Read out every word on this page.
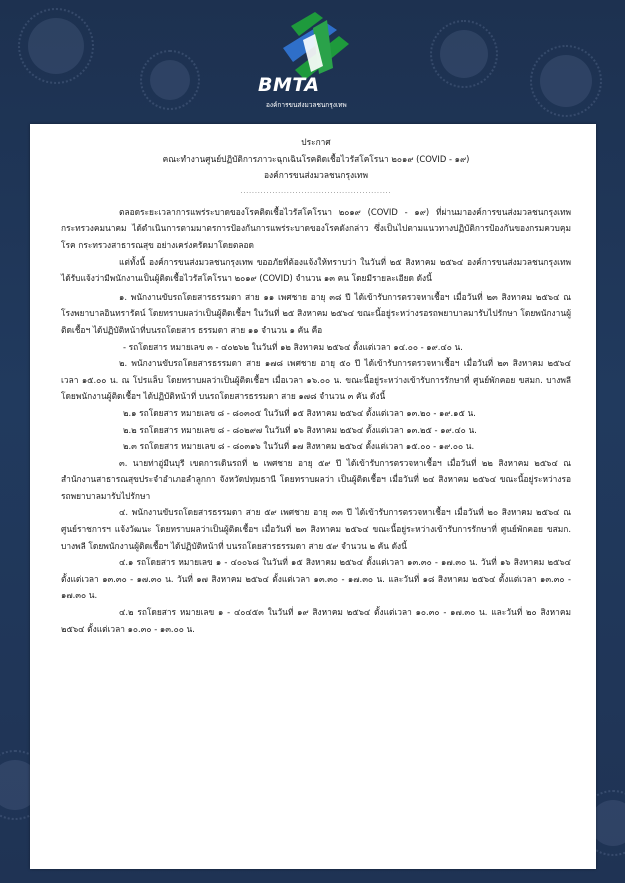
BMTA
องค์การขนส่งมวลชนกรุงเทพ
ประกาศ
คณะทำงานศูนย์ปฏิบัติการภาวะฉุกเฉินโรคติดเชื้อไวรัสโคโรนา ๒๐๑๙ (COVID - ๑๙)
องค์การขนส่งมวลชนกรุงเทพ
....................................................

ตลอดระยะเวลาการแพร่ระบาดของโรคติดเชื้อไวรัสโคโรนา ๒๐๑๙ (COVID - ๑๙) ที่ผ่านมาองค์การขนส่งมวลชนกรุงเทพ กระทรวงคมนาคม ได้ดำเนินการตามมาตรการป้องกันการแพร่ระบาดของโรคดังกล่าว ซึ่งเป็นไปตามแนวทางปฏิบัติการป้องกันของกรมควบคุมโรค กระทรวงสาธารณสุข อย่างเคร่งครัดมาโดยตลอด

แต่ทั้งนี้ องค์การขนส่งมวลชนกรุงเทพ ขออภัยที่ต้องแจ้งให้ทราบว่า ในวันที่ ๒๕ สิงหาคม ๒๕๖๔ องค์การขนส่งมวลชนกรุงเทพ ได้รับแจ้งว่ามีพนักงานเป็นผู้ติดเชื้อไวรัสโคโรนา ๒๐๑๙ (COVID) จำนวน ๑๓ คน โดยมีรายละเอียด ดังนี้

๑. พนักงานขับรถโดยสารธรรมดา สาย ๑๑ เพศชาย อายุ ๓๘ ปี ได้เข้ารับการตรวจหาเชื้อฯ เมื่อวันที่ ๒๓ สิงหาคม ๒๕๖๔ ณ โรงพยาบาลอินทรารัตน์ โดยทราบผลว่าเป็นผู้ติดเชื้อฯ ในวันที่ ๒๕ สิงหาคม ๒๕๖๔ ขณะนี้อยู่ระหว่างรอรถพยาบาลมารับไปรักษา โดยพนักงานผู้ติดเชื้อฯ ได้ปฏิบัติหน้าที่บนรถโดยสาร ธรรมดา สาย ๑๑ จำนวน ๑ คัน คือ

- รถโดยสาร หมายเลข ๓ - ๔๐๒๖๒ ในวันที่ ๑๒ สิงหาคม ๒๕๖๔ ตั้งแต่เวลา ๑๔.๐๐ - ๑๙.๔๐ น.

๒. พนักงานขับรถโดยสารธรรมดา สาย ๑๗๘ เพศชาย อายุ ๕๐ ปี ได้เข้ารับการตรวจหาเชื้อฯ เมื่อวันที่ ๒๓ สิงหาคม ๒๕๖๔ เวลา ๑๕.๐๐ น. ณ โปรแล็บ โดยทราบผลว่าเป็นผู้ติดเชื้อฯ เมื่อเวลา ๑๖.๐๐ น. ขณะนี้อยู่ระหว่างเข้ารับการรักษาที่ ศูนย์พักคอย ขสมก. บางพลี โดยพนักงานผู้ติดเชื้อฯ ได้ปฏิบัติหน้าที่ บนรถโดยสารธรรมดา สาย ๑๗๘ จำนวน ๓ คัน ดังนี้

๒.๑ รถโดยสาร หมายเลข ๘ - ๘๐๓๐๕ ในวันที่ ๑๕ สิงหาคม ๒๕๖๔ ตั้งแต่เวลา ๑๓.๒๐ - ๑๙.๑๕ น.

๒.๒ รถโดยสาร หมายเลข ๘ - ๘๐๒๙๗ ในวันที่ ๑๖ สิงหาคม ๒๕๖๔ ตั้งแต่เวลา ๑๓.๒๕ - ๑๙.๔๐ น.

๒.๓ รถโดยสาร หมายเลข ๘ - ๘๐๓๑๖ ในวันที่ ๑๗ สิงหาคม ๒๕๖๔ ตั้งแต่เวลา ๑๕.๐๐ - ๑๙.๐๐ น.

๓. นายท่าอู่มีนบุรี เขตการเดินรถที่ ๒ เพศชาย อายุ ๕๙ ปี ได้เข้ารับการตรวจหาเชื้อฯ เมื่อวันที่ ๒๒ สิงหาคม ๒๕๖๔ ณ สำนักงานสาธารณสุขประจำอำเภอลำลูกกา จังหวัดปทุมธานี โดยทราบผลว่า เป็นผู้ติดเชื้อฯ เมื่อวันที่ ๒๔ สิงหาคม ๒๕๖๔ ขณะนี้อยู่ระหว่างรอรถพยาบาลมารับไปรักษา

๔. พนักงานขับรถโดยสารธรรมดา สาย ๕๙ เพศชาย อายุ ๓๓ ปี ได้เข้ารับการตรวจหาเชื้อฯ เมื่อวันที่ ๒๐ สิงหาคม ๒๕๖๔ ณ ศูนย์ราชการฯ แจ้งวัฒนะ โดยทราบผลว่าเป็นผู้ติดเชื้อฯ เมื่อวันที่ ๒๓ สิงหาคม ๒๕๖๔ ขณะนี้อยู่ระหว่างเข้ารับการรักษาที่ ศูนย์พักคอย ขสมก. บางพลี โดยพนักงานผู้ติดเชื้อฯ ได้ปฏิบัติหน้าที่ บนรถโดยสารธรรมดา สาย ๕๙ จำนวน ๒ คัน ดังนี้

๔.๑ รถโดยสาร หมายเลข ๑ - ๔๐๐๖๘ ในวันที่ ๑๕ สิงหาคม ๒๕๖๔ ตั้งแต่เวลา ๑๓.๓๐ - ๑๗.๓๐ น. วันที่ ๑๖ สิงหาคม ๒๕๖๔ ตั้งแต่เวลา ๑๓.๓๐ - ๑๗.๓๐ น. วันที่ ๑๗ สิงหาคม ๒๕๖๔ ตั้งแต่เวลา ๑๓.๓๐ - ๑๗.๓๐ น. และวันที่ ๑๘ สิงหาคม ๒๕๖๔ ตั้งแต่เวลา ๑๓.๓๐ - ๑๗.๓๐ น.

๔.๒ รถโดยสาร หมายเลข ๑ - ๔๐๔๕๓ ในวันที่ ๑๙ สิงหาคม ๒๕๖๔ ตั้งแต่เวลา ๑๐.๓๐ - ๑๗.๓๐ น. และวันที่ ๒๐ สิงหาคม ๒๕๖๔ ตั้งแต่เวลา ๑๐.๓๐ - ๑๓.๐๐ น.
